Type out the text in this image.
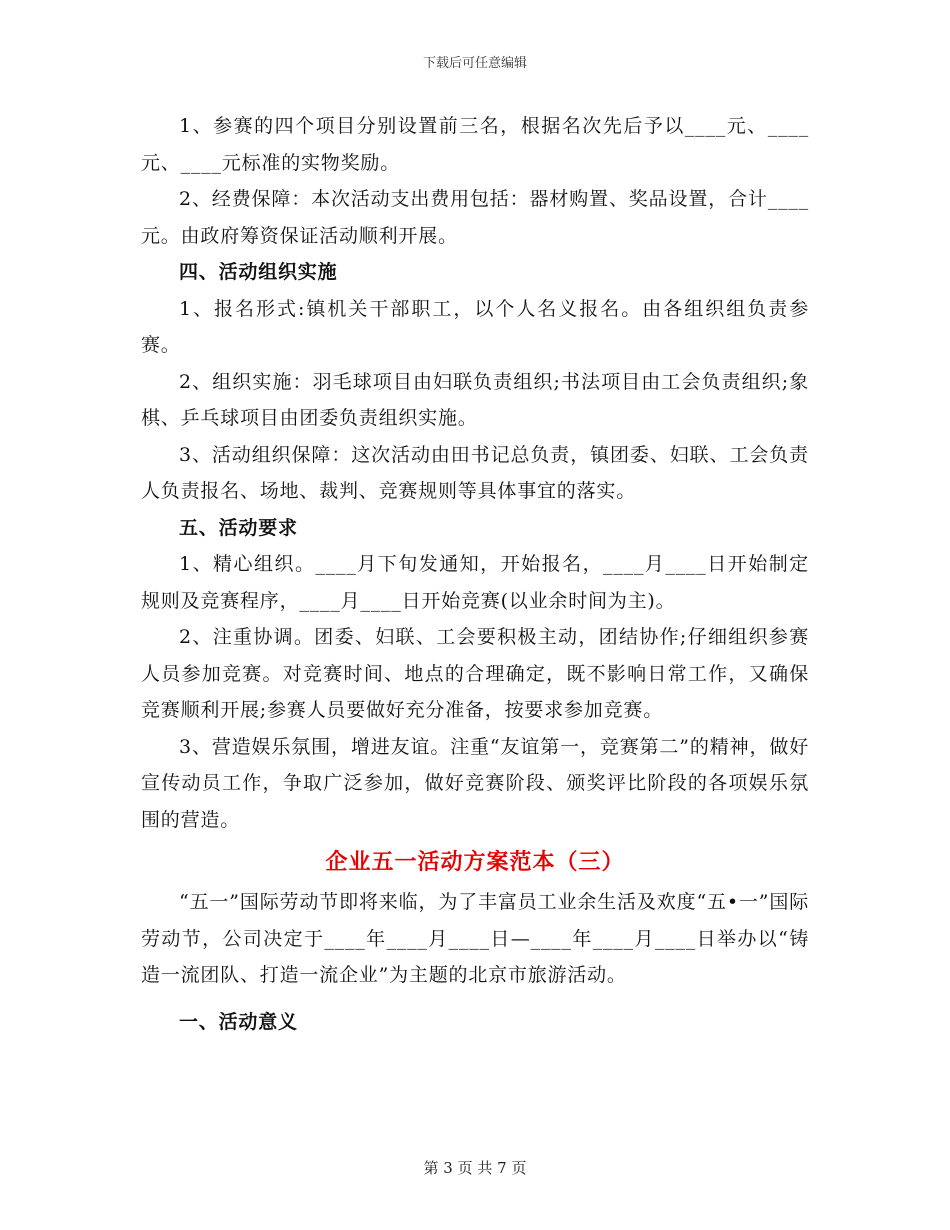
下载后可任意编辑

1、参赛的四个项目分别设置前三名，根据名次先后予以____元、____元、____元标准的实物奖励。

2、经费保障：本次活动支出费用包括：器材购置、奖品设置，合计____元。由政府筹资保证活动顺利开展。

四、活动组织实施

1、报名形式:镇机关干部职工，以个人名义报名。由各组织组负责参赛。

2、组织实施：羽毛球项目由妇联负责组织;书法项目由工会负责组织;象棋、乒乓球项目由团委负责组织实施。

3、活动组织保障：这次活动由田书记总负责，镇团委、妇联、工会负责人负责报名、场地、裁判、竞赛规则等具体事宜的落实。

五、活动要求

1、精心组织。____月下旬发通知，开始报名，____月____日开始制定规则及竞赛程序，____月____日开始竞赛(以业余时间为主)。

2、注重协调。团委、妇联、工会要积极主动，团结协作;仔细组织参赛人员参加竞赛。对竞赛时间、地点的合理确定，既不影响日常工作，又确保竞赛顺利开展;参赛人员要做好充分准备，按要求参加竞赛。

3、营造娱乐氛围，增进友谊。注重“友谊第一，竞赛第二”的精神，做好宣传动员工作，争取广泛参加，做好竞赛阶段、颁奖评比阶段的各项娱乐氛围的营造。

企业五一活动方案范本（三）

“五一”国际劳动节即将来临，为了丰富员工业余生活及欢度“五•一”国际劳动节，公司决定于____年____月____日—____年____月____日举办以“铸造一流团队、打造一流企业”为主题的北京市旅游活动。

一、活动意义

第 3 页 共 7 页
